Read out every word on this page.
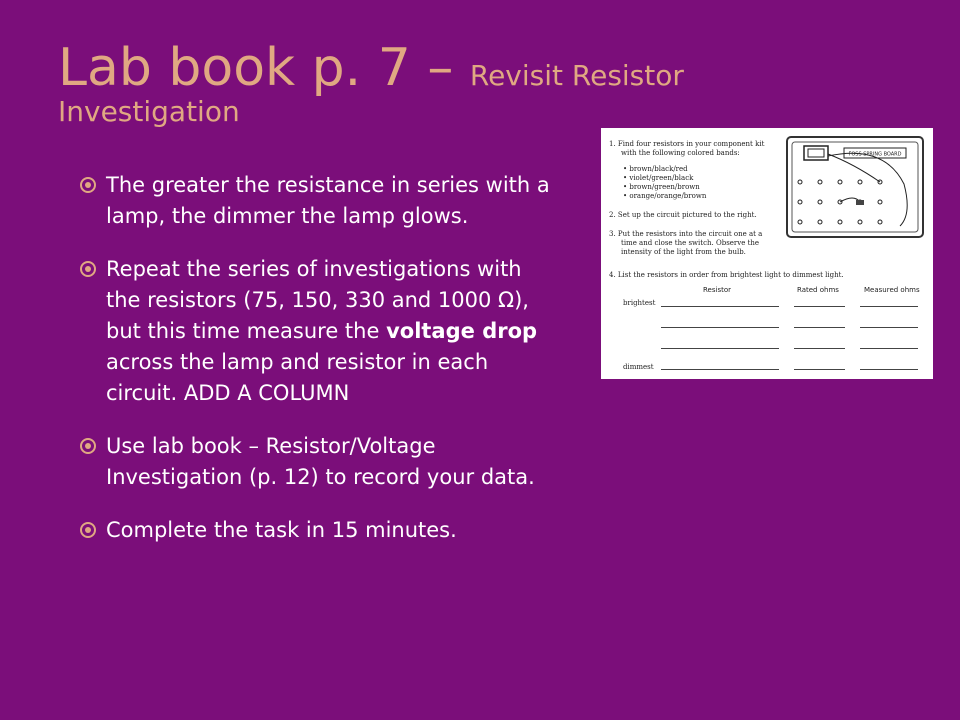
Lab book p. 7 – Revisit Resistor
Investigation
The greater the resistance in series with a lamp, the dimmer the lamp glows.
Repeat the series of investigations with the resistors (75, 150, 330 and 1000 Ω), but this time measure the voltage drop across the lamp and resistor in each circuit. ADD A COLUMN
Use lab book – Resistor/Voltage Investigation (p. 12) to record your data.
Complete the task in 15 minutes.
1. Find four resistors in your component kit
with the following colored bands:
• brown/black/red
• violet/green/black
• brown/green/brown
• orange/orange/brown
2. Set up the circuit pictured to the right.
3. Put the resistors into the circuit one at a
time and close the switch. Observe the
intensity of the light from the bulb.
4. List the resistors in order from brightest light to dimmest light.
FOSS SPRING BOARD
Resistor	Rated ohms	Measured ohms
brightest
dimmest
